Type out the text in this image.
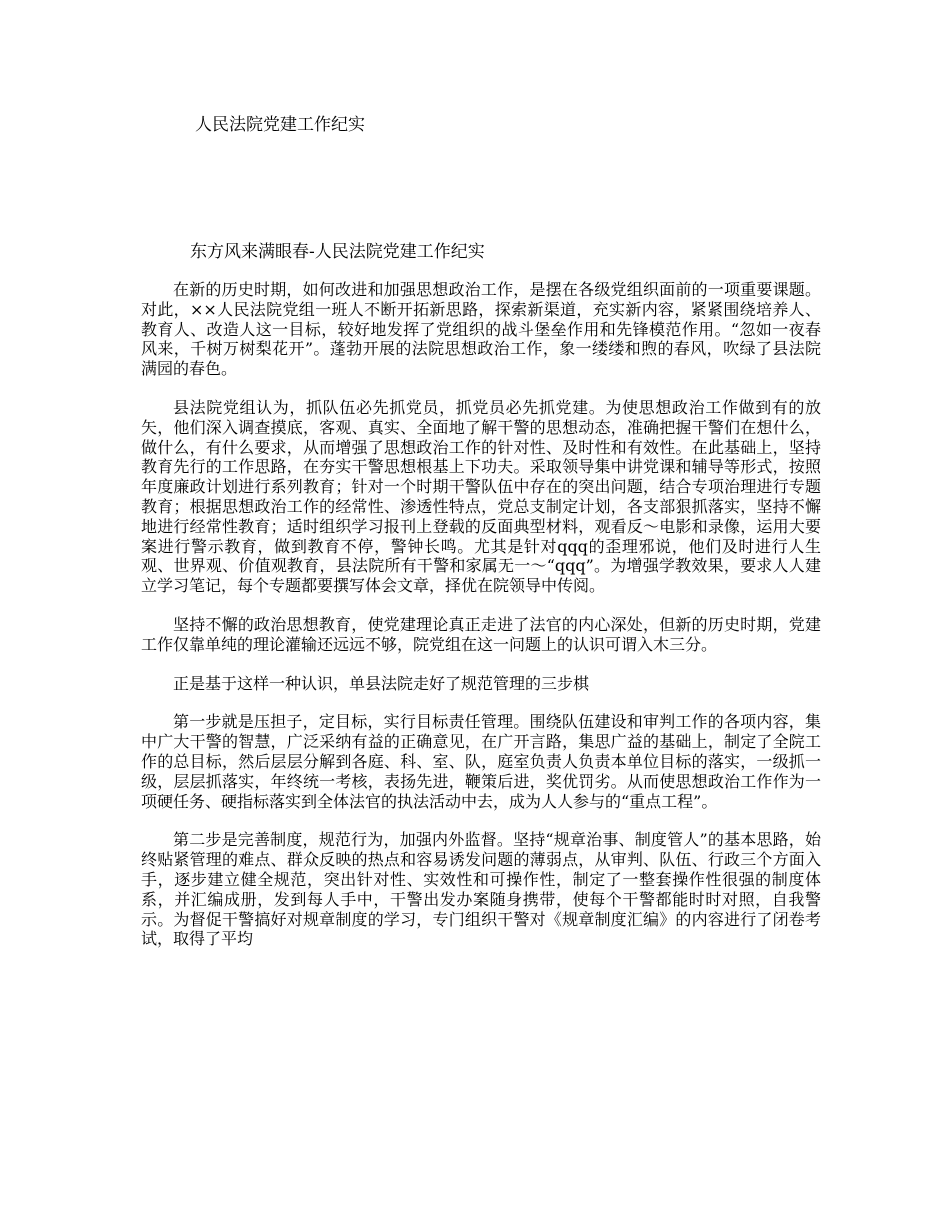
人民法院党建工作纪实
东方风来满眼春-人民法院党建工作纪实

在新的历史时期，如何改进和加强思想政治工作，是摆在各级党组织面前的一项重要课题。对此，××人民法院党组一班人不断开拓新思路，探索新渠道，充实新内容，紧紧围绕培养人、教育人、改造人这一目标，较好地发挥了党组织的战斗堡垒作用和先锋模范作用。“忽如一夜春风来，千树万树梨花开”。蓬勃开展的法院思想政治工作，象一缕缕和煦的春风，吹绿了县法院满园的春色。

县法院党组认为，抓队伍必先抓党员，抓党员必先抓党建。为使思想政治工作做到有的放矢，他们深入调查摸底，客观、真实、全面地了解干警的思想动态，准确把握干警们在想什么，做什么，有什么要求，从而增强了思想政治工作的针对性、及时性和有效性。在此基础上，坚持教育先行的工作思路，在夯实干警思想根基上下功夫。采取领导集中讲党课和辅导等形式，按照年度廉政计划进行系列教育；针对一个时期干警队伍中存在的突出问题，结合专项治理进行专题教育；根据思想政治工作的经常性、渗透性特点，党总支制定计划，各支部狠抓落实，坚持不懈地进行经常性教育；适时组织学习报刊上登载的反面典型材料，观看反～电影和录像，运用大要案进行警示教育，做到教育不停，警钟长鸣。尤其是针对qqq的歪理邪说，他们及时进行人生观、世界观、价值观教育，县法院所有干警和家属无一～“qqq”。为增强学教效果，要求人人建立学习笔记，每个专题都要撰写体会文章，择优在院领导中传阅。

坚持不懈的政治思想教育，使党建理论真正走进了法官的内心深处，但新的历史时期，党建工作仅靠单纯的理论灌输还远远不够，院党组在这一问题上的认识可谓入木三分。

正是基于这样一种认识，单县法院走好了规范管理的三步棋

第一步就是压担子，定目标，实行目标责任管理。围绕队伍建设和审判工作的各项内容，集中广大干警的智慧，广泛采纳有益的正确意见，在广开言路，集思广益的基础上，制定了全院工作的总目标，然后层层分解到各庭、科、室、队，庭室负责人负责本单位目标的落实，一级抓一级，层层抓落实，年终统一考核，表扬先进，鞭策后进，奖优罚劣。从而使思想政治工作作为一项硬任务、硬指标落实到全体法官的执法活动中去，成为人人参与的“重点工程”。

第二步是完善制度，规范行为，加强内外监督。坚持“规章治事、制度管人”的基本思路，始终贴紧管理的难点、群众反映的热点和容易诱发问题的薄弱点，从审判、队伍、行政三个方面入手，逐步建立健全规范，突出针对性、实效性和可操作性，制定了一整套操作性很强的制度体系，并汇编成册，发到每人手中，干警出发办案随身携带，使每个干警都能时时对照，自我警示。为督促干警搞好对规章制度的学习，专门组织干警对《规章制度汇编》的内容进行了闭卷考试，取得了平均
